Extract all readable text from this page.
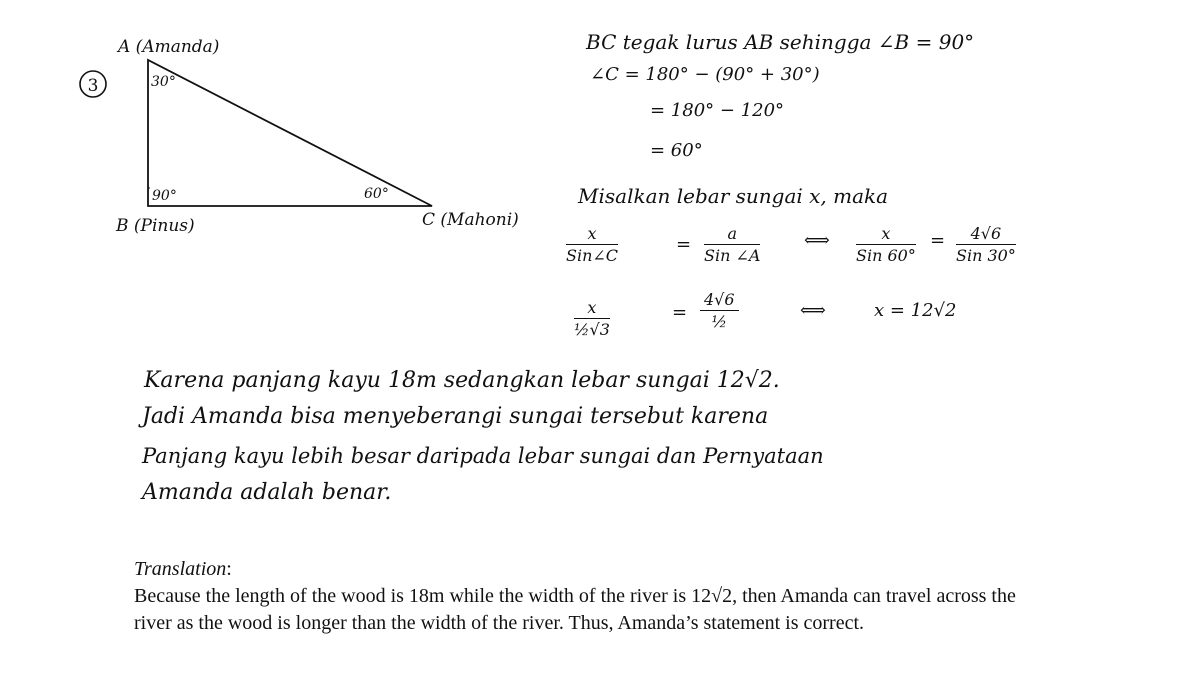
3	30°
90°	60°
A (Amanda)
B (Pinus)	C (Mahoni)
BC tegak lurus AB sehingga ∠B = 90°
∠C = 180° − (90° + 30°)
= 180° − 120°
= 60°
Misalkan lebar sungai x, maka
x
Sin∠C
=
a
Sin ∠A
⟺	x
Sin 60°
=	4√6
Sin 30°
$\frac{x}{\text{½√3}}$	=
4√6
½
⟺	x = 12√2
Karena panjang kayu 18m sedangkan lebar sungai 12√2.
Jadi Amanda bisa menyeberangi sungai tersebut karena
Panjang kayu lebih besar daripada lebar sungai dan Pernyataan
Amanda adalah benar.
Translation:
Because the length of the wood is 18m while the width of the river is 12√2, then Amanda can travel across the river as the wood is longer than the width of the river. Thus, Amanda’s statement is correct.
